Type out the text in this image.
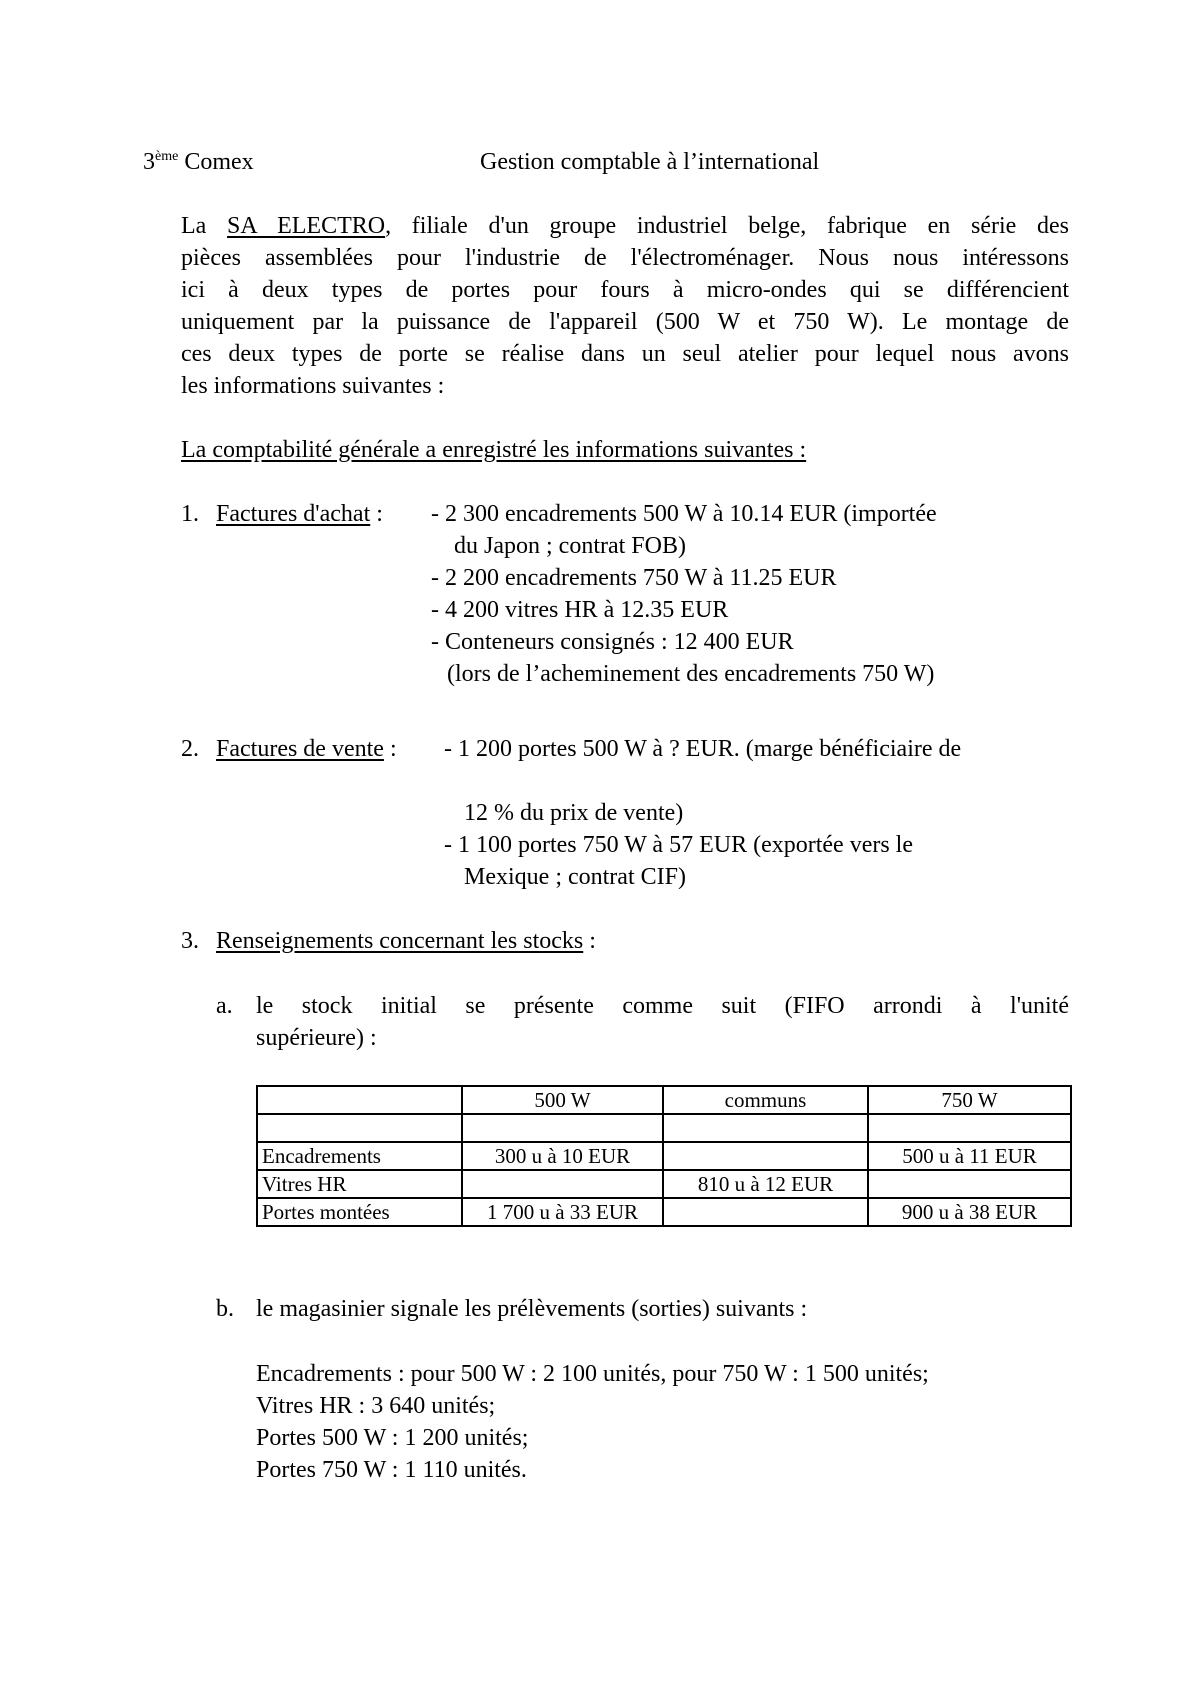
3ème Comex	Gestion comptable à l’international
La SA ELECTRO, filiale d'un groupe industriel belge, fabrique en série des
pièces assemblées pour l'industrie de l'électroménager. Nous nous intéressons
ici à deux types de portes pour fours à micro-ondes qui se différencient
uniquement par la puissance de l'appareil (500 W et 750 W). Le montage de
ces deux types de porte se réalise dans un seul atelier pour lequel nous avons
les informations suivantes :
La comptabilité générale a enregistré les informations suivantes :
1. Factures d'achat : - 2 300 encadrements 500 W à 10.14 EUR (importée
du Japon ; contrat FOB)
- 2 200 encadrements 750 W à 11.25 EUR
- 4 200 vitres HR à 12.35 EUR
- Conteneurs consignés : 12 400 EUR
(lors de l’acheminement des encadrements 750 W)
2. Factures de vente : - 1 200 portes 500 W à ? EUR. (marge bénéficiaire de
12 % du prix de vente)
- 1 100 portes 750 W à 57 EUR (exportée vers le
Mexique ; contrat CIF)
3. Renseignements concernant les stocks :
a. le stock initial se présente comme suit (FIFO arrondi à l'unité
supérieure) :
	500 W	communs	750 W

Encadrements	300 u à 10 EUR		500 u à 11 EUR
Vitres HR		810 u à 12 EUR	
Portes montées	1 700 u à 33 EUR		900 u à 38 EUR
b. le magasinier signale les prélèvements (sorties) suivants :
Encadrements : pour 500 W : 2 100 unités, pour 750 W : 1 500 unités;
Vitres HR : 3 640 unités;
Portes 500 W : 1 200 unités;
Portes 750 W : 1 110 unités.
